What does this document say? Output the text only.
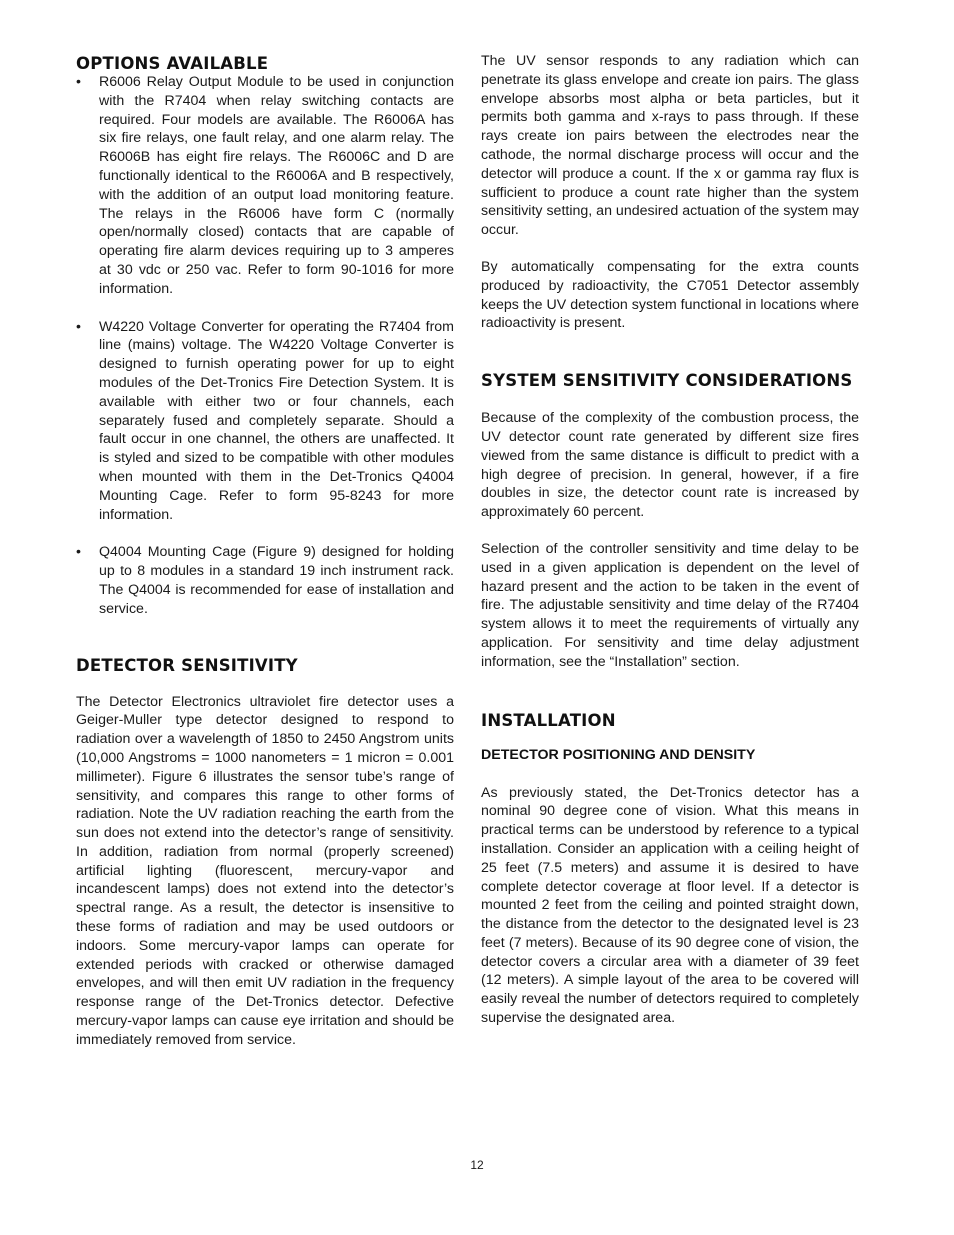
OPTIONS AVAILABLE
• R6006 Relay Output Module to be used in conjunction with the R7404 when relay switching contacts are required. Four models are available. The R6006A has six fire relays, one fault relay, and one alarm relay. The R6006B has eight fire relays. The R6006C and D are functionally identical to the R6006A and B respectively, with the addition of an output load monitoring feature. The relays in the R6006 have form C (normally open/normally closed) contacts that are capable of operating fire alarm devices requiring up to 3 amperes at 30 vdc or 250 vac. Refer to form 90-1016 for more information.
• W4220 Voltage Converter for operating the R7404 from line (mains) voltage. The W4220 Voltage Converter is designed to furnish operating power for up to eight modules of the Det-Tronics Fire Detection System. It is available with either two or four channels, each separately fused and completely separate. Should a fault occur in one channel, the others are unaffected. It is styled and sized to be compatible with other modules when mounted with them in the Det-Tronics Q4004 Mounting Cage. Refer to form 95-8243 for more information.
• Q4004 Mounting Cage (Figure 9) designed for holding up to 8 modules in a standard 19 inch instrument rack. The Q4004 is recommended for ease of installation and service.
DETECTOR SENSITIVITY

The Detector Electronics ultraviolet fire detector uses a Geiger-Muller type detector designed to respond to radiation over a wavelength of 1850 to 2450 Angstrom units (10,000 Angstroms = 1000 nanometers = 1 micron = 0.001 millimeter). Figure 6 illustrates the sensor tube’s range of sensitivity, and compares this range to other forms of radiation. Note the UV radiation reaching the earth from the sun does not extend into the detector’s range of sensitivity. In addition, radiation from normal (properly screened) artificial lighting (fluorescent, mercury-vapor and incandescent lamps) does not extend into the detector’s spectral range. As a result, the detector is insensitive to these forms of radiation and may be used outdoors or indoors. Some mercury-vapor lamps can operate for extended periods with cracked or otherwise damaged envelopes, and will then emit UV radiation in the frequency response range of the Det-Tronics detector. Defective mercury-vapor lamps can cause eye irritation and should be immediately removed from service.

The UV sensor responds to any radiation which can penetrate its glass envelope and create ion pairs. The glass envelope absorbs most alpha or beta particles, but it permits both gamma and x-rays to pass through. If these rays create ion pairs between the electrodes near the cathode, the normal discharge process will occur and the detector will produce a count. If the x or gamma ray flux is sufficient to produce a count rate higher than the system sensitivity setting, an undesired actuation of the system may occur.

By automatically compensating for the extra counts produced by radioactivity, the C7051 Detector assembly keeps the UV detection system functional in locations where radioactivity is present.

SYSTEM SENSITIVITY CONSIDERATIONS

Because of the complexity of the combustion process, the UV detector count rate generated by different size fires viewed from the same distance is difficult to predict with a high degree of precision. In general, however, if a fire doubles in size, the detector count rate is increased by approximately 60 percent.

Selection of the controller sensitivity and time delay to be used in a given application is dependent on the level of hazard present and the action to be taken in the event of fire. The adjustable sensitivity and time delay of the R7404 system allows it to meet the requirements of virtually any application. For sensitivity and time delay adjustment information, see the “Installation” section.

INSTALLATION
DETECTOR POSITIONING AND DENSITY

As previously stated, the Det-Tronics detector has a nominal 90 degree cone of vision. What this means in practical terms can be understood by reference to a typical installation. Consider an application with a ceiling height of 25 feet (7.5 meters) and assume it is desired to have complete detector coverage at floor level. If a detector is mounted 2 feet from the ceiling and pointed straight down, the distance from the detector to the designated level is 23 feet (7 meters). Because of its 90 degree cone of vision, the detector covers a circular area with a diameter of 39 feet (12 meters). A simple layout of the area to be covered will easily reveal the number of detectors required to completely supervise the designated area.

12
